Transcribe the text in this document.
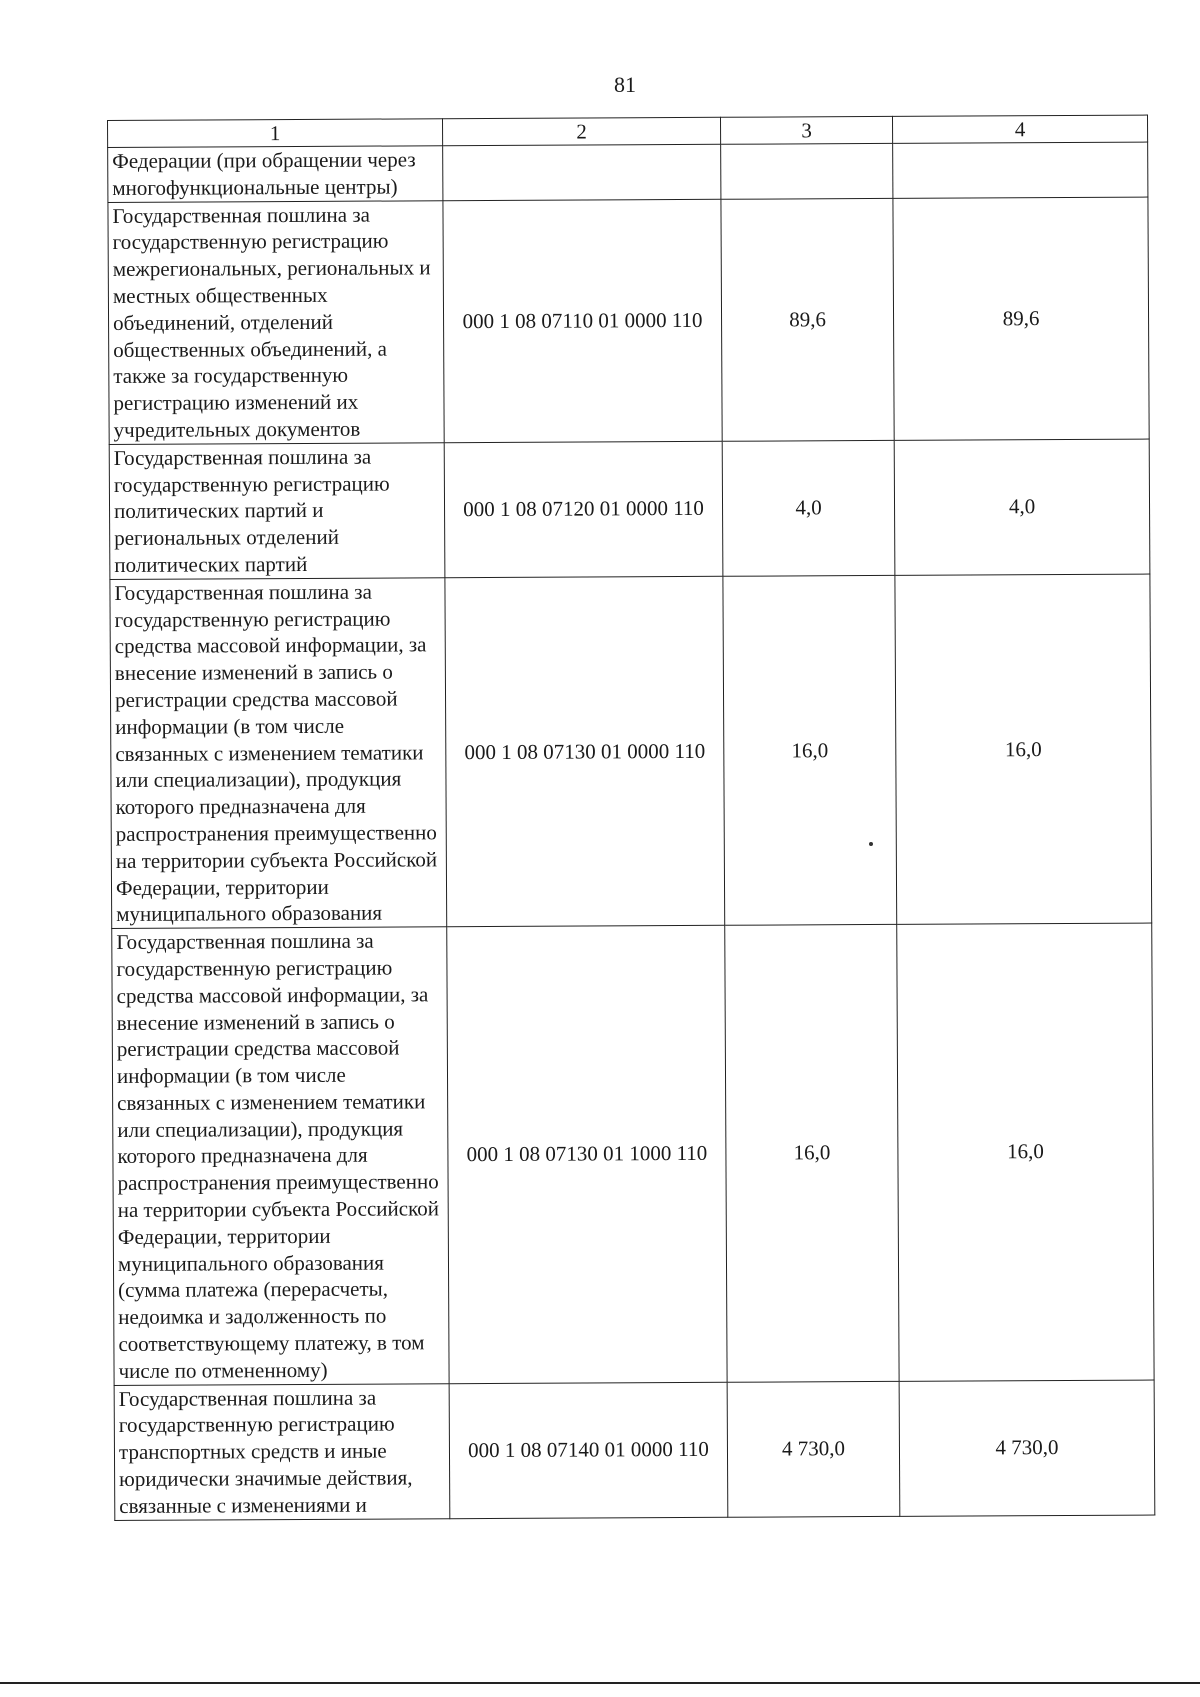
81
1	2	3	4
Федерации (при обращении через многофункциональные центры)			
Государственная пошлина за государственную регистрацию межрегиональных, региональных и местных общественных объединений, отделений общественных объединений, а также за государственную регистрацию изменений их учредительных документов	000 1 08 07110 01 0000 110	89,6	89,6
Государственная пошлина за государственную регистрацию политических партий и региональных отделений политических партий	000 1 08 07120 01 0000 110	4,0	4,0
Государственная пошлина за государственную регистрацию средства массовой информации, за внесение изменений в запись о регистрации средства массовой информации (в том числе связанных с изменением тематики или специализации), продукция которого предназначена для распространения преимущественно на территории субъекта Российской Федерации, территории муниципального образования	000 1 08 07130 01 0000 110	16,0	16,0
Государственная пошлина за государственную регистрацию средства массовой информации, за внесение изменений в запись о регистрации средства массовой информации (в том числе связанных с изменением тематики или специализации), продукция которого предназначена для распространения преимущественно на территории субъекта Российской Федерации, территории муниципального образования (сумма платежа (перерасчеты, недоимка и задолженность по соответствующему платежу, в том числе по отмененному)	000 1 08 07130 01 1000 110	16,0	16,0
Государственная пошлина за государственную регистрацию транспортных средств и иные юридически значимые действия, связанные с изменениями и	000 1 08 07140 01 0000 110	4 730,0	4 730,0
